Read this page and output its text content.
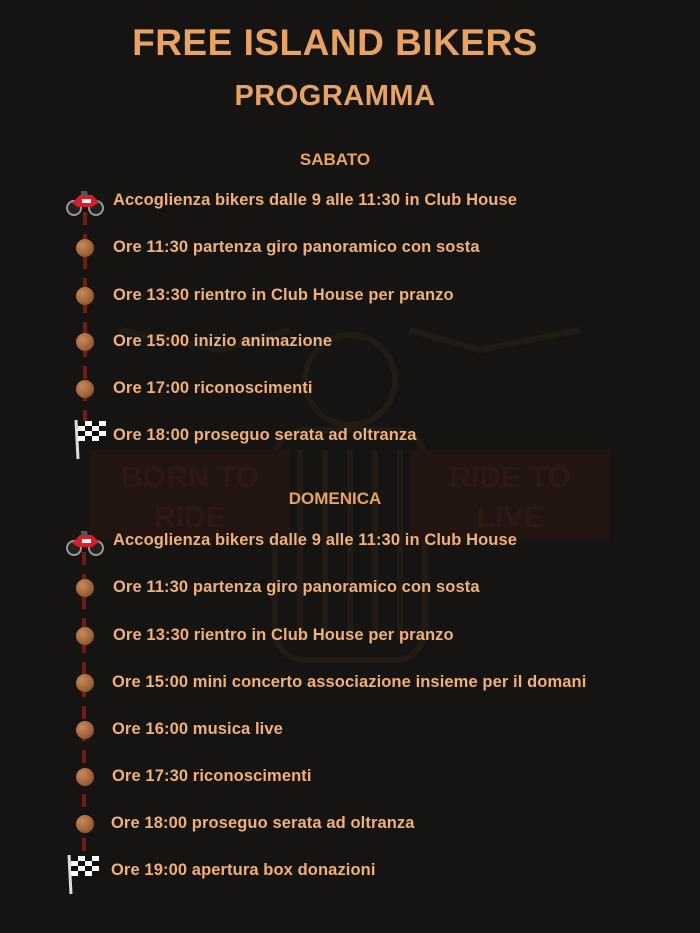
BORN TO
RIDE
RIDE TO
LIVE
FREE ISLAND BIKERS
PROGRAMMA
SABATO
Accoglienza bikers dalle 9 alle 11:30 in Club House
Ore 11:30 partenza giro panoramico con sosta
Ore 13:30 rientro in Club House per pranzo
Ore 15:00 inizio animazione
Ore 17:00 riconoscimenti
Ore 18:00 proseguo serata ad oltranza
DOMENICA
Accoglienza bikers dalle 9 alle 11:30 in Club House
Ore 11:30 partenza giro panoramico con sosta
Ore 13:30 rientro in Club House per pranzo
Ore 15:00 mini concerto associazione insieme per il domani
Ore 16:00 musica live
Ore 17:30 riconoscimenti
Ore 18:00 proseguo serata ad oltranza
Ore 19:00 apertura box donazioni
